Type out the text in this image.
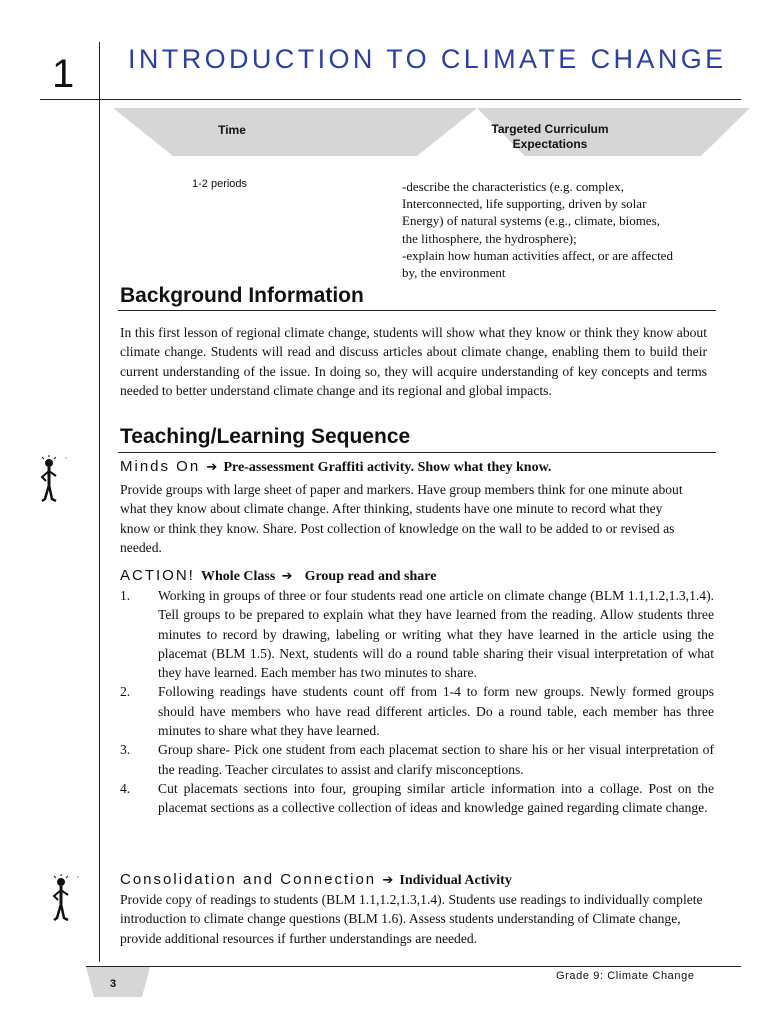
1 INTRODUCTION TO CLIMATE CHANGE
Time	Targeted Curriculum Expectations
1-2 periods	-describe the characteristics (e.g. complex,
Interconnected, life supporting, driven by solar
Energy) of natural systems (e.g., climate, biomes,
the lithosphere, the hydrosphere);
-explain how human activities affect, or are affected
by, the environment
Background Information
In this first lesson of regional climate change, students will show what they know or think they know about climate change. Students will read and discuss articles about climate change, enabling them to build their current understanding of the issue. In doing so, they will acquire understanding of key concepts and terms needed to better understand climate change and its regional and global impacts.
Teaching/Learning Sequence
Minds On ➔ Pre-assessment Graffiti activity. Show what they know.
Provide groups with large sheet of paper and markers. Have group members think for one minute about what they know about climate change. After thinking, students have one minute to record what they know or think they know. Share. Post collection of knowledge on the wall to be added to or revised as needed.
ACTION! Whole Class ➔ Group read and share
1. Working in groups of three or four students read one article on climate change (BLM 1.1,1.2,1.3,1.4). Tell groups to be prepared to explain what they have learned from the reading. Allow students three minutes to record by drawing, labeling or writing what they have learned in the article using the placemat (BLM 1.5). Next, students will do a round table sharing their visual interpretation of what they have learned. Each member has two minutes to share.
2. Following readings have students count off from 1-4 to form new groups. Newly formed groups should have members who have read different articles. Do a round table, each member has three minutes to share what they have learned.
3. Group share- Pick one student from each placemat section to share his or her visual interpretation of the reading. Teacher circulates to assist and clarify misconceptions.
4. Cut placemats sections into four, grouping similar article information into a collage. Post on the placemat sections as a collective collection of ideas and knowledge gained regarding climate change.
Consolidation and Connection ➔ Individual Activity
Provide copy of readings to students (BLM 1.1,1.2,1.3,1.4). Students use readings to individually complete introduction to climate change questions (BLM 1.6). Assess students understanding of Climate change, provide additional resources if further understandings are needed.
3
Grade 9: Climate Change
